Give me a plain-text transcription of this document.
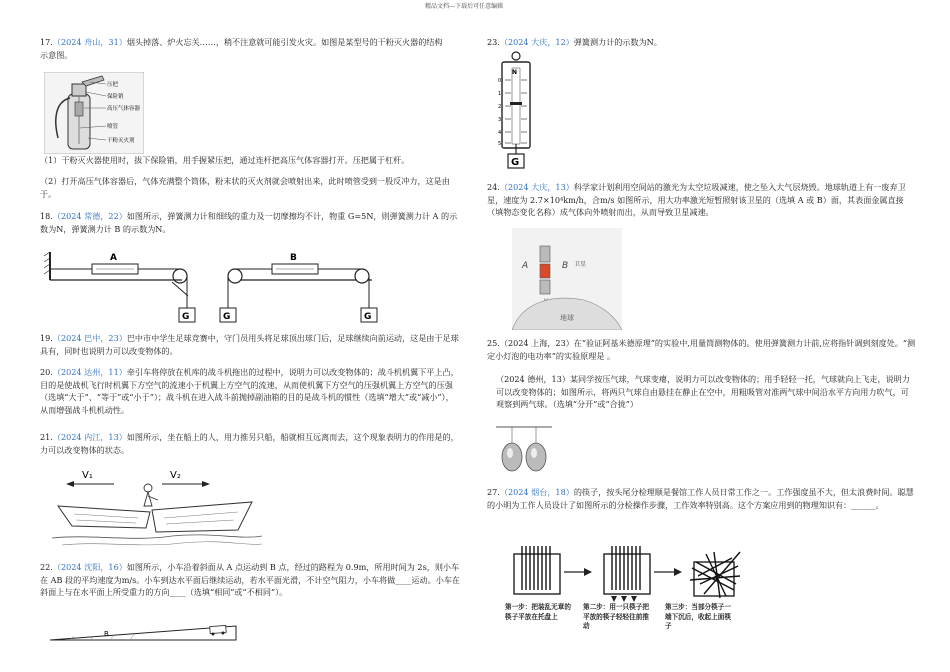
精品文档---下载后可任意编辑
17.（2024 舟山，31）烟头掉落、炉火忘关……，稍不注意就可能引发火灾。如图是某型号的干粉灭火器的结构示意图。
压把
保险销
高压气体容器
喷管
干粉灭火剂
（1）干粉灭火器使用时，拔下保险销，用手握紧压把，通过连杆把高压气体容器打开。压把属于杠杆。
（2）打开高压气体容器后，气体充满整个筒体，粉末状的灭火剂就会喷射出来，此时喷管受到一股反冲力，这是由于。
18.（2024 常德，22）如图所示，弹簧测力计和细线的重力及一切摩擦均不计，物重 G=5N，则弹簧测力计 A 的示数为N，弹簧测力计 B 的示数为N。
A
G
B
G	G
19.（2024 巴中，23）巴中市中学生足球竞赛中，守门员用头将足球顶出球门后，足球继续向前运动，这是由于足球具有，同时也说明力可以改变物体的。
20.（2024 达州，11）牵引车将停放在机库的战斗机拖出的过程中，说明力可以改变物体的；战斗机机翼下平上凸，目的是使战机飞行时机翼下方空气的流速小于机翼上方空气的流速，从而使机翼下方空气的压强机翼上方空气的压强（选填“大于”、“等于”或“小于”）；战斗机在进入战斗前抛掉副油箱的目的是战斗机的惯性（选填“增大”或“减小”），从而增强战斗机机动性。
21.（2024 内江，13）如图所示，坐在船上的人，用力推另只船，船就相互远离而去，这个现象表明力的作用是的，力可以改变物体的状态。
V₁	V₂
22.（2024 沈阳，16）如图所示，小车沿着斜面从 A 点运动到 B 点，经过的路程为 0.9m，所用时间为 2s，则小车在 AB 段的平均速度为m/s。小车到达水平面后继续运动，若水平面光滑，不计空气阻力，小车将做____运动。小车在斜面上与在水平面上所受重力的方向____（选填“相同”或“不相同”）。
B
23.（2024 大庆，12）弹簧测力计的示数为N。
N
0
1
2
3
4
5
G
24.（2024 大庆，13）科学家计划利用空间站的激光为太空垃圾减速，使之坠入大气层烧毁。地球轨道上有一废弃卫星，速度为 2.7×10⁴km/h，合m/s 如图所示，用大功率激光短暂照射该卫星的（选填 A 或 B）面，其表面金属直接（填物态变化名称）成气体向外喷射而出，从而导致卫星减速。
A	B 卫星
地球
25.（2024 上海，23）在“验证阿基米德原理”的实验中,用量筒测物体的。使用弹簧测力计前,应将指针调到刻度处。“测定小灯泡的电功率”的实验原理是 。
（2024 德州，13）某同学按压气球，气球变瘪，说明力可以改变物体的；用手轻轻一托，气球就向上飞走，说明力可以改变物体的；如图所示，将两只气球自由悬挂在静止在空中，用粗吸管对准两气球中间沿水平方向用力吹气，可观察到两气球。（选填“分开”或“合拢”）
27.（2024 烟台，18）的筷子，按头尾分检理顺是餐馆工作人员日常工作之一。工作强度虽不大，但太浪费时间。聪慧的小明为工作人员设计了如图所示的分检操作步骤，工作效率特别高。这个方案应用到的物理知识有：______。
第一步：把装乱无章的筷子平放在托盘上
第二步：用一只筷子把平放的筷子轻轻往前推动
第三步：当部分筷子一端下沉后，收起上面筷子
